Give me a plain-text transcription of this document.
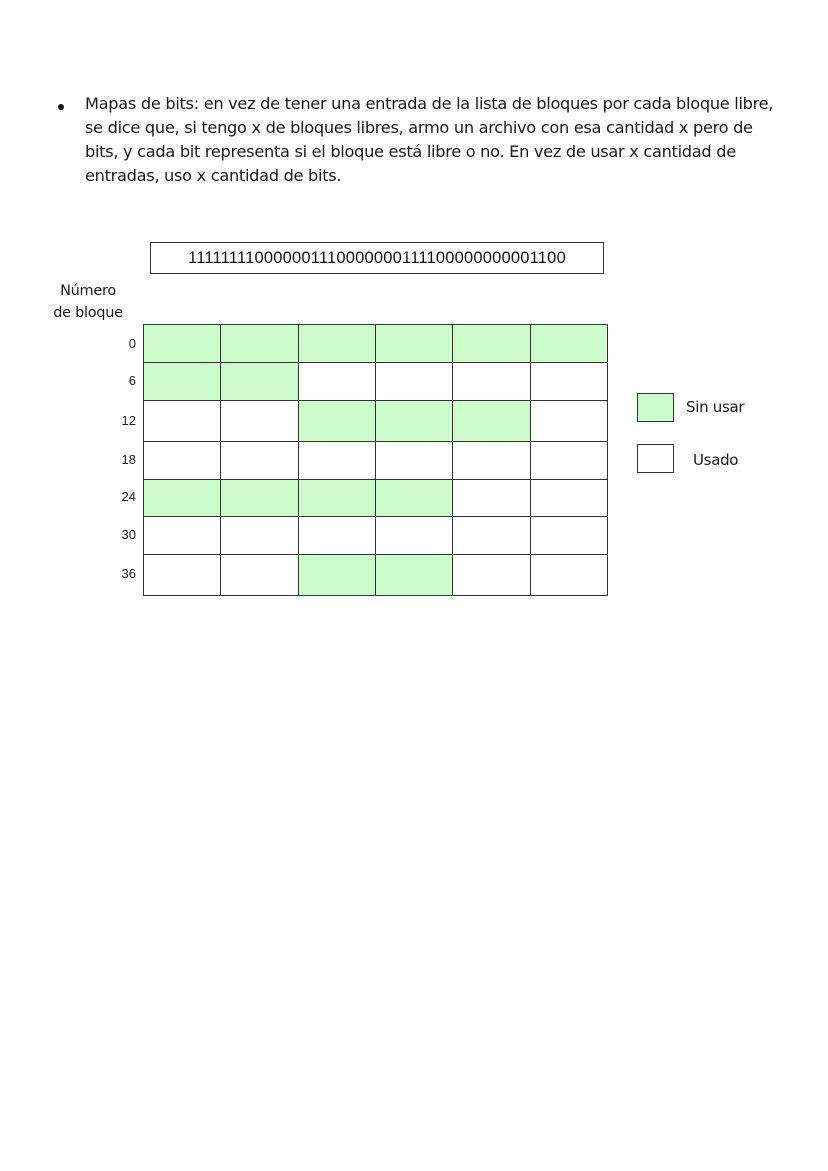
Mapas de bits: en vez de tener una entrada de la lista de bloques por cada bloque libre, se dice que, si tengo x de bloques libres, armo un archivo con esa cantidad x pero de bits, y cada bit representa si el bloque está libre o no. En vez de usar x cantidad de entradas, uso x cantidad de bits.
111111110000001110000000111100000000001100
Número
de bloque
0
6
12
18
24
30
36

Sin usar
Usado
